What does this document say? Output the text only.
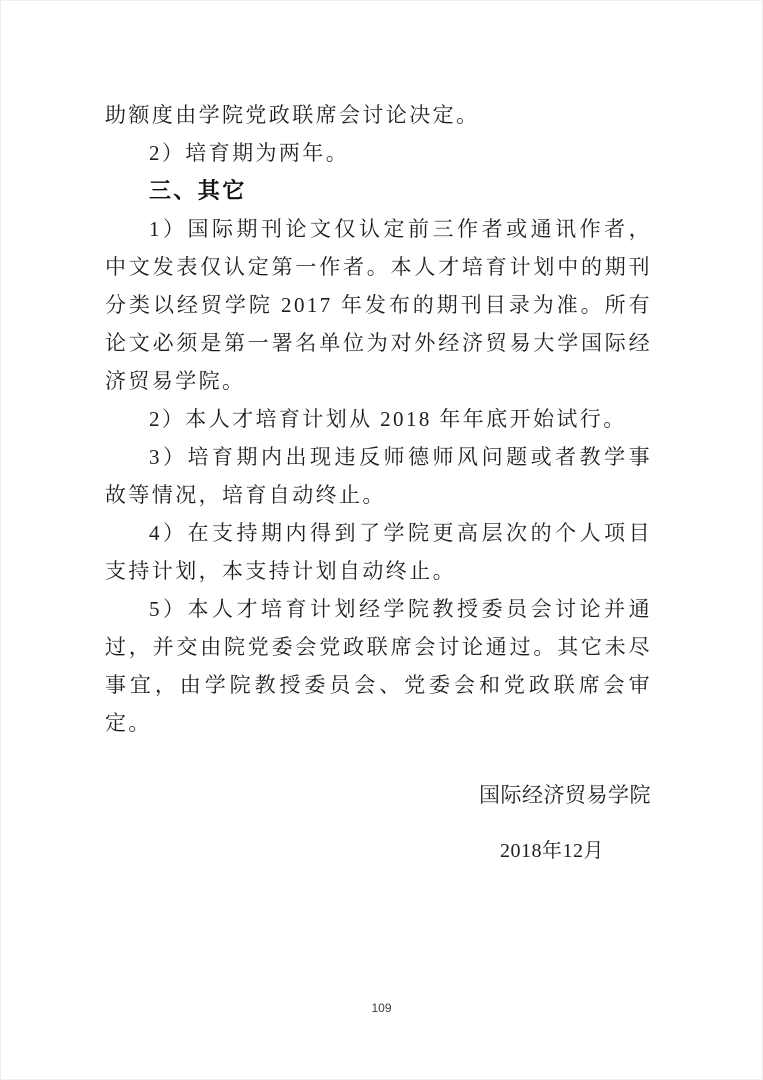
助额度由学院党政联席会讨论决定。

2）培育期为两年。

三、其它

1）国际期刊论文仅认定前三作者或通讯作者，中文发表仅认定第一作者。本人才培育计划中的期刊分类以经贸学院 2017 年发布的期刊目录为准。所有论文必须是第一署名单位为对外经济贸易大学国际经济贸易学院。

2）本人才培育计划从 2018 年年底开始试行。

3）培育期内出现违反师德师风问题或者教学事故等情况，培育自动终止。

4）在支持期内得到了学院更高层次的个人项目支持计划，本支持计划自动终止。

5）本人才培育计划经学院教授委员会讨论并通过，并交由院党委会党政联席会讨论通过。其它未尽事宜，由学院教授委员会、党委会和党政联席会审定。

国际经济贸易学院
2018年12月
109
